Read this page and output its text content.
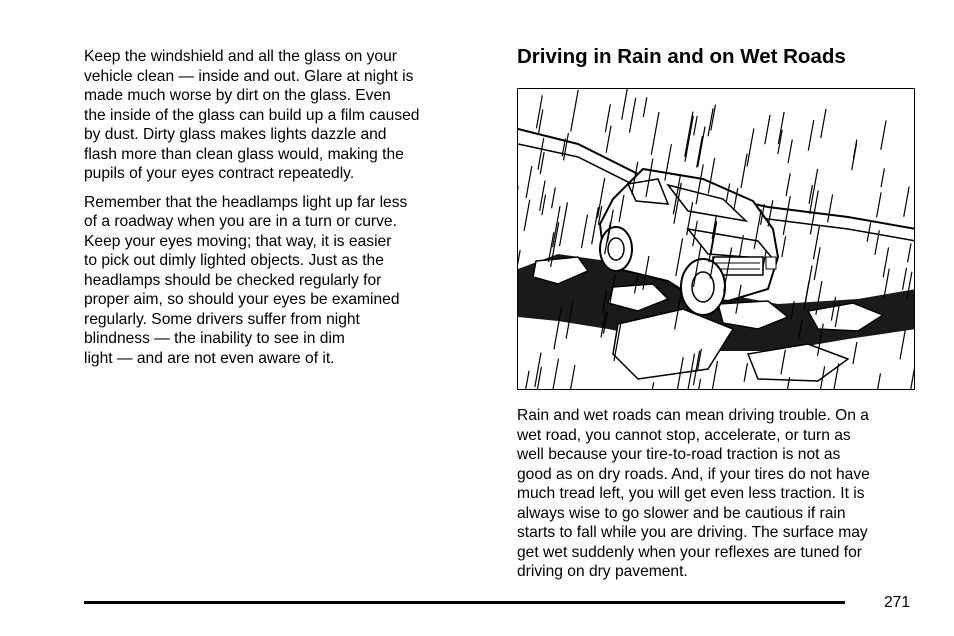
Keep the windshield and all the glass on your
vehicle clean — inside and out. Glare at night is
made much worse by dirt on the glass. Even
the inside of the glass can build up a film caused
by dust. Dirty glass makes lights dazzle and
flash more than clean glass would, making the
pupils of your eyes contract repeatedly.

Remember that the headlamps light up far less
of a roadway when you are in a turn or curve.
Keep your eyes moving; that way, it is easier
to pick out dimly lighted objects. Just as the
headlamps should be checked regularly for
proper aim, so should your eyes be examined
regularly. Some drivers suffer from night
blindness — the inability to see in dim
light — and are not even aware of it.

Driving in Rain and on Wet Roads

Rain and wet roads can mean driving trouble. On a
wet road, you cannot stop, accelerate, or turn as
well because your tire-to-road traction is not as
good as on dry roads. And, if your tires do not have
much tread left, you will get even less traction. It is
always wise to go slower and be cautious if rain
starts to fall while you are driving. The surface may
get wet suddenly when your reflexes are tuned for
driving on dry pavement.

271
